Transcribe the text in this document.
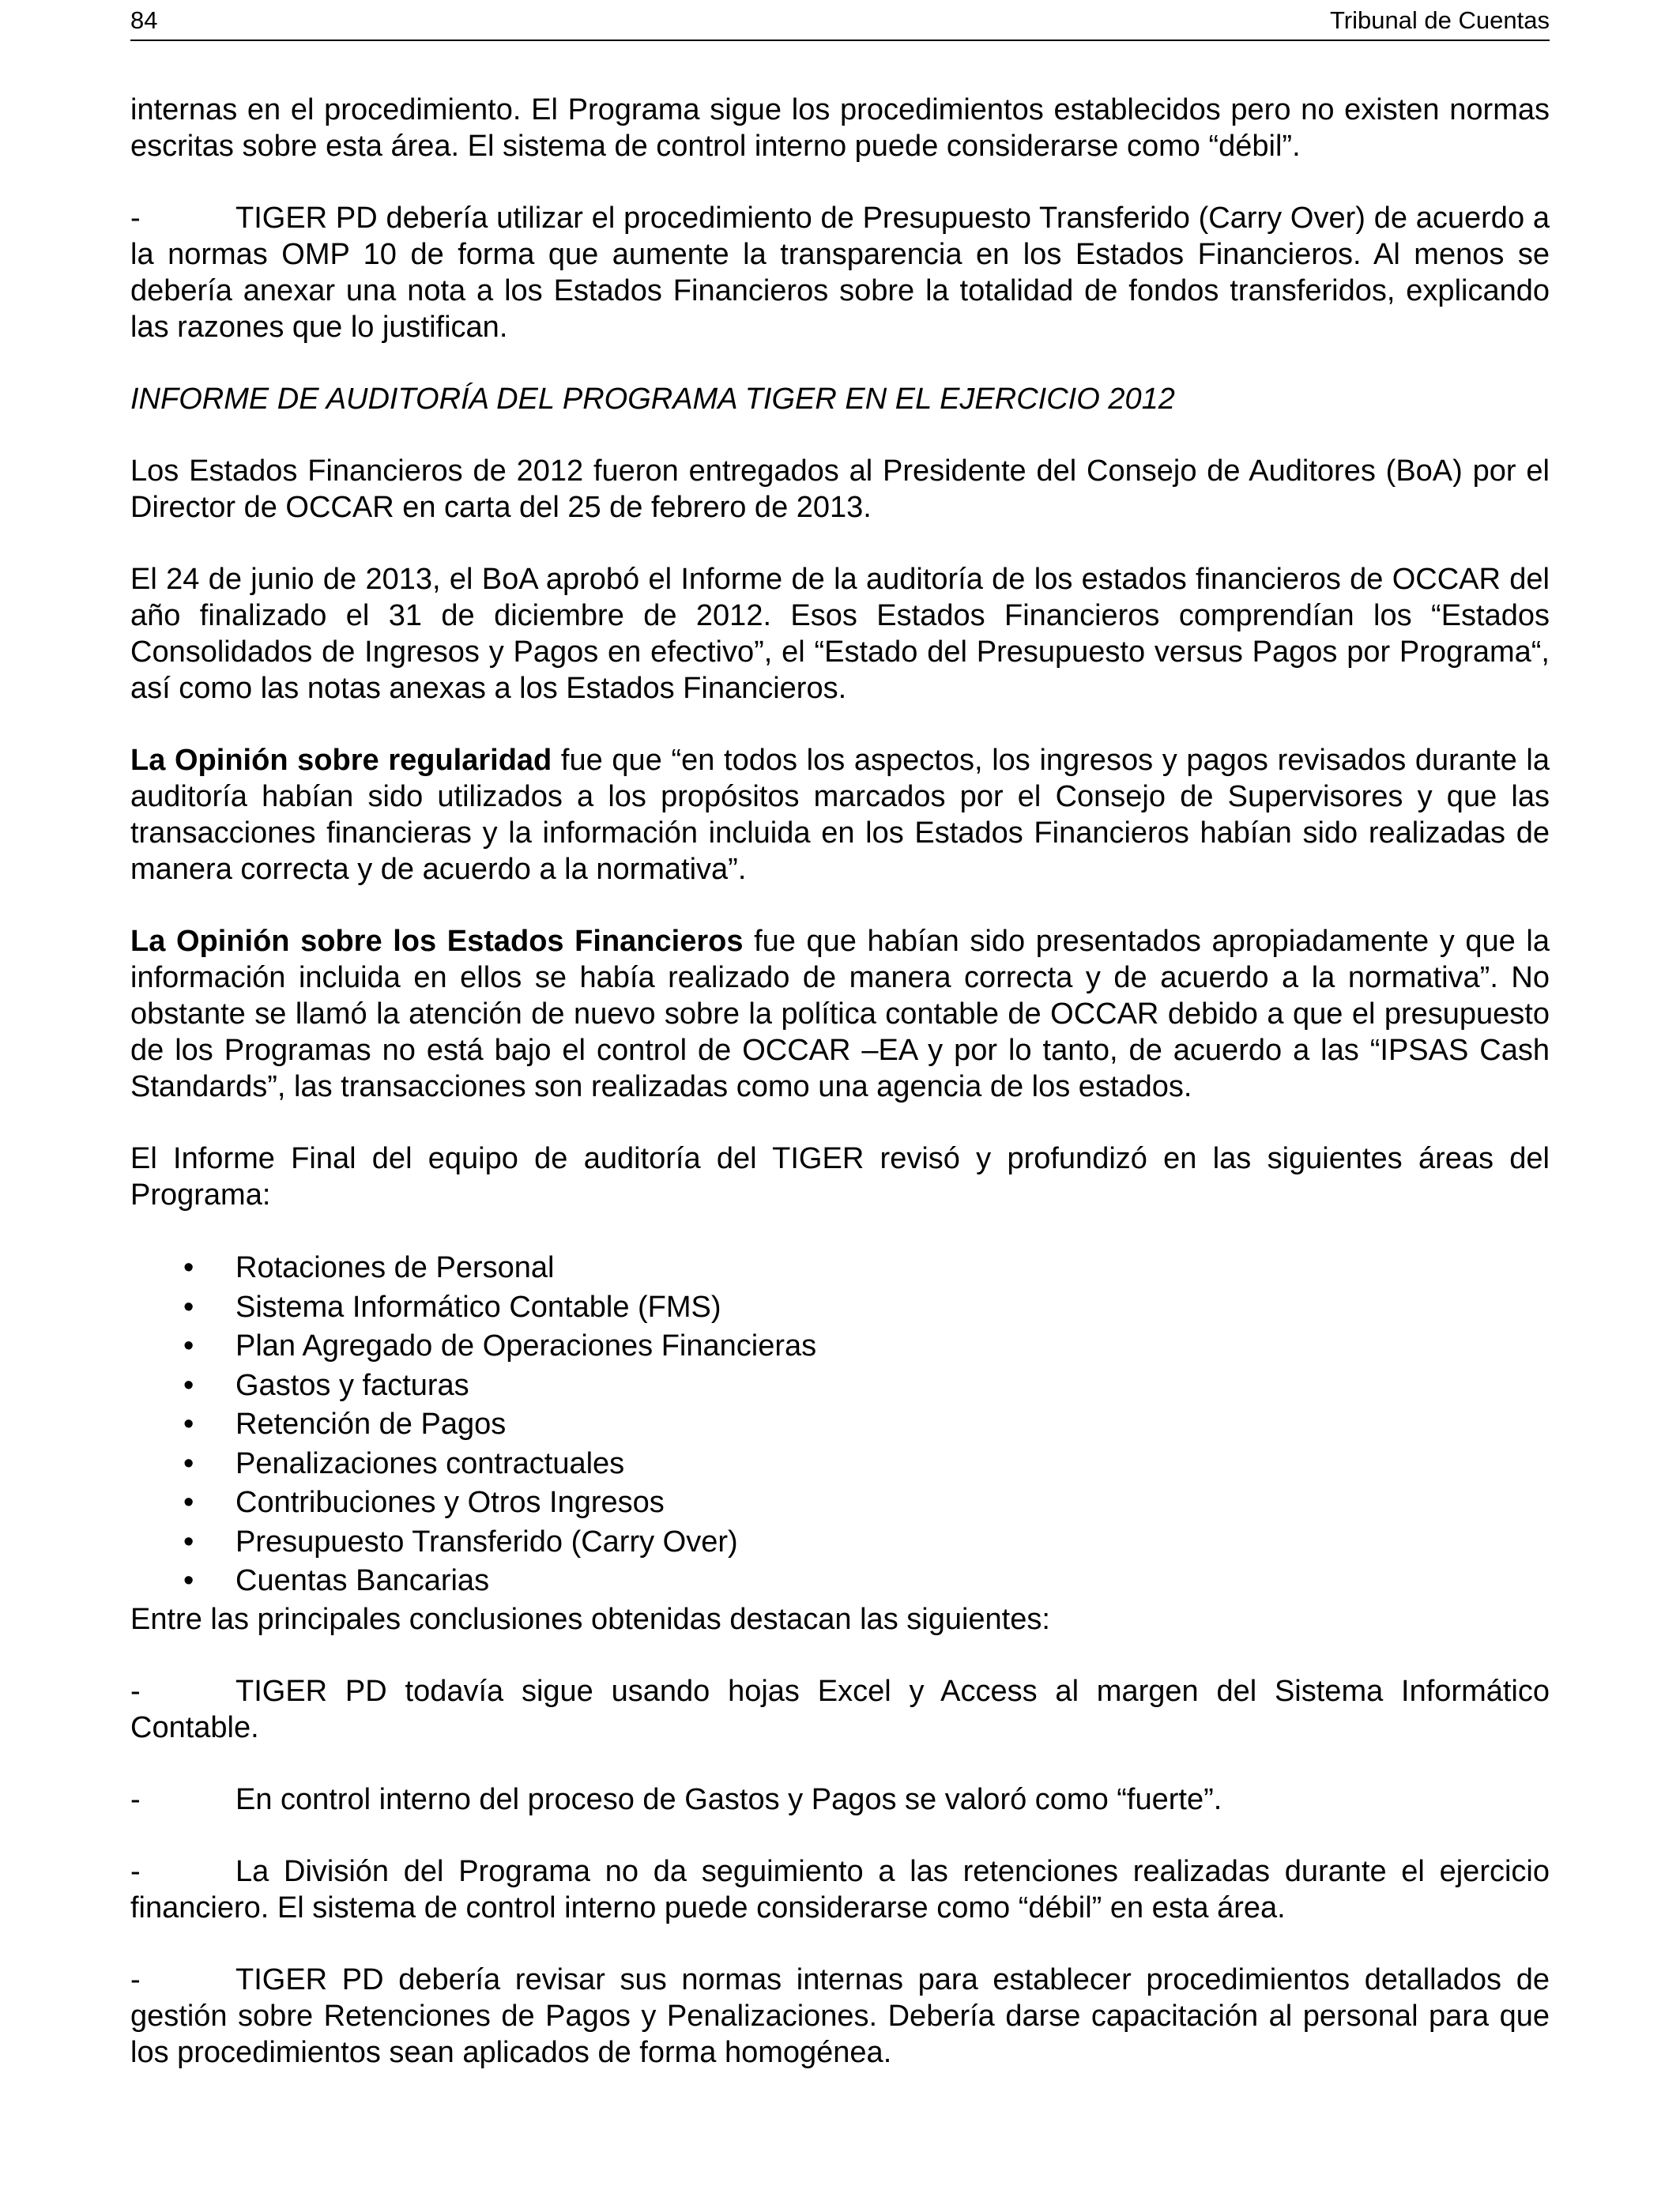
84	Tribunal de Cuentas

internas en el procedimiento. El Programa sigue los procedimientos establecidos pero no existen normas escritas sobre esta área. El sistema de control interno puede considerarse como “débil”.

-	TIGER PD debería utilizar el procedimiento de Presupuesto Transferido (Carry Over) de acuerdo a la normas OMP 10 de forma que aumente la transparencia en los Estados Financieros. Al menos se debería anexar una nota a los Estados Financieros sobre la totalidad de fondos transferidos, explicando las razones que lo justifican.

INFORME DE AUDITORÍA DEL PROGRAMA TIGER EN EL EJERCICIO 2012

Los Estados Financieros de 2012 fueron entregados al Presidente del Consejo de Auditores (BoA) por el Director de OCCAR en carta del 25 de febrero de 2013.

El 24 de junio de 2013, el BoA aprobó el Informe de la auditoría de los estados financieros de OCCAR del año finalizado el 31 de diciembre de 2012. Esos Estados Financieros comprendían los “Estados Consolidados de Ingresos y Pagos en efectivo”, el “Estado del Presupuesto versus Pagos por Programa“, así como las notas anexas a los Estados Financieros.

La Opinión sobre regularidad fue que “en todos los aspectos, los ingresos y pagos revisados durante la auditoría habían sido utilizados a los propósitos marcados por el Consejo de Supervisores y que las transacciones financieras y la información incluida en los Estados Financieros habían sido realizadas de manera correcta y de acuerdo a la normativa”.

La Opinión sobre los Estados Financieros fue que habían sido presentados apropiadamente y que la información incluida en ellos se había realizado de manera correcta y de acuerdo a la normativa”. No obstante se llamó la atención de nuevo sobre la política contable de OCCAR debido a que el presupuesto de los Programas no está bajo el control de OCCAR –EA y por lo tanto, de acuerdo a las “IPSAS Cash Standards”, las transacciones son realizadas como una agencia de los estados.

El Informe Final del equipo de auditoría del TIGER revisó y profundizó en las siguientes áreas del Programa:

• Rotaciones de Personal
• Sistema Informático Contable (FMS)
• Plan Agregado de Operaciones Financieras
• Gastos y facturas
• Retención de Pagos
• Penalizaciones contractuales
• Contribuciones y Otros Ingresos
• Presupuesto Transferido (Carry Over)
• Cuentas Bancarias

Entre las principales conclusiones obtenidas destacan las siguientes:

-	TIGER PD todavía sigue usando hojas Excel y Access al margen del Sistema Informático Contable.

-	En control interno del proceso de Gastos y Pagos se valoró como “fuerte”.

-	La División del Programa no da seguimiento a las retenciones realizadas durante el ejercicio financiero. El sistema de control interno puede considerarse como “débil” en esta área.

-	TIGER PD debería revisar sus normas internas para establecer procedimientos detallados de gestión sobre Retenciones de Pagos y Penalizaciones. Debería darse capacitación al personal para que los procedimientos sean aplicados de forma homogénea.
